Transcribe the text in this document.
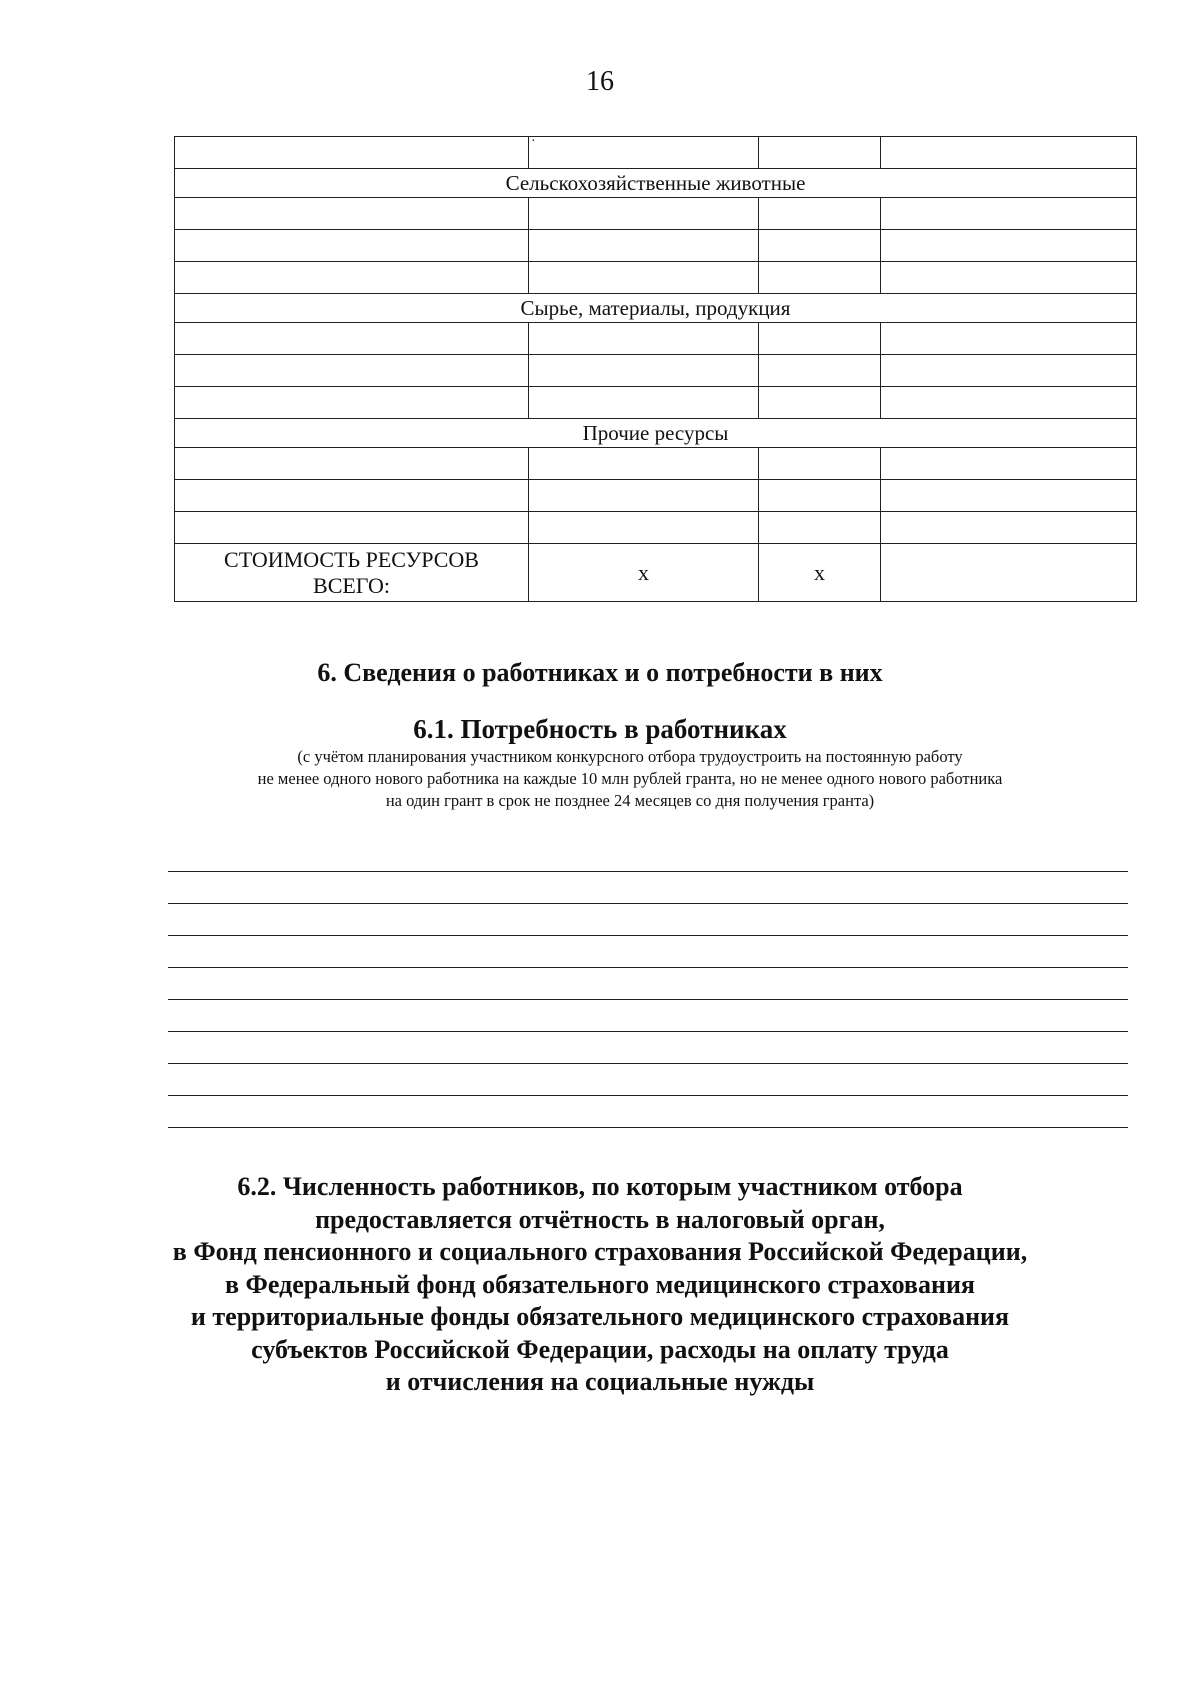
16
	·		
Сельскохозяйственные животные			

Сырье, материалы, продукция			

Прочие ресурсы			

СТОИМОСТЬ РЕСУРСОВ
ВСЕГО:	х	х	
6. Сведения о работниках и о потребности в них
6.1. Потребность в работниках
(с учётом планирования участником конкурсного отбора трудоустроить на постоянную работу
не менее одного нового работника на каждые 10 млн рублей гранта, но не менее одного нового работника
на один грант в срок не позднее 24 месяцев со дня получения гранта)
6.2. Численность работников, по которым участником отбора
предоставляется отчётность в налоговый орган,
в Фонд пенсионного и социального страхования Российской Федерации,
в Федеральный фонд обязательного медицинского страхования
и территориальные фонды обязательного медицинского страхования
субъектов Российской Федерации, расходы на оплату труда
и отчисления на социальные нужды
